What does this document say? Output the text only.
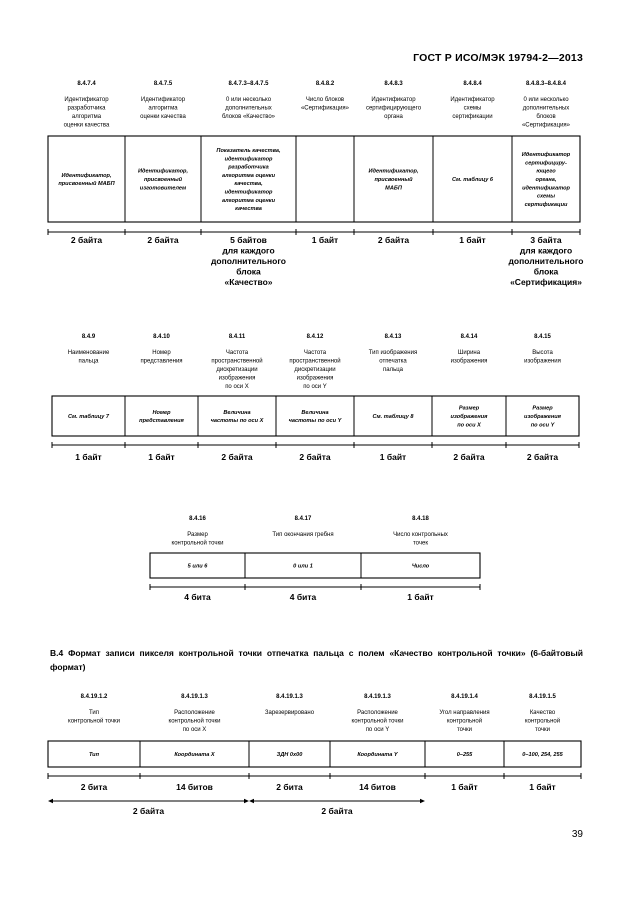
ГОСТ Р ИСО/МЭК 19794-2—2013
8.4.7.4
Идентификатор
разработчика
алгоритма
оценки качества
Идентификатор,
присвоенный МАБП
2 байта
8.4.7.5
Идентификатор
алгоритма
оценки качества
Идентификатор,
присвоенный
изготовителем
2 байта
8.4.7.3–8.4.7.5
0 или несколько
дополнительных
блоков «Качество»
Показатель качества,
идентификатор
разработчика
алгоритма оценки
качества,
идентификатор
алгоритма оценки
качества
5 байтов
для каждого
дополнительного
блока
«Качество»
8.4.8.2
Число блоков
«Сертификация»
1 байт
8.4.8.3
Идентификатор
сертифицирующего
органа
Идентификатор,
присвоенный
МАБП
2 байта
8.4.8.4
Идентификатор
схемы
сертификации
См. таблицу 6
1 байт
8.4.8.3–8.4.8.4
0 или несколько
дополнительных
блоков
«Сертификация»
Идентификатор
сертифициру-
ющего
органа,
идентификатор
схемы
сертификации
3 байта
для каждого
дополнительного
блока
«Сертификация»
8.4.9
Наименование
пальца
См. таблицу 7
1 байт
8.4.10
Номер
представления
Номер
представления
1 байт
8.4.11
Частота
пространственной
дискретизации
изображения
по оси X
Величина
частоты по оси X
2 байта
8.4.12
Частота
пространственной
дискретизации
изображения
по оси Y
Величина
частоты по оси Y
2 байта
8.4.13
Тип изображения
отпечатка
пальца
См. таблицу 8
1 байт
8.4.14
Ширина
изображения
Размер
изображения
по оси X
2 байта
8.4.15
Высота
изображения
Размер
изображения
по оси Y
2 байта
8.4.16
Размер
контрольной точки
5 или 6
4 бита
8.4.17
Тип окончания гребня
0 или 1
4 бита
8.4.18
Число контрольных
точек
Число
1 байт
В.4 Формат записи пикселя контрольной точки отпечатка пальца с полем «Качество контрольной точки» (6-байтовый формат)
8.4.19.1.2
Тип
контрольной точки
Тип
2 бита
8.4.19.1.3
Расположение
контрольной точки
по оси X
Координата X
14 битов
8.4.19.1.3
Зарезервировано
ЗДН 0x00
2 бита
8.4.19.1.3
Расположение
контрольной точки
по оси Y
Координата Y
14 битов
8.4.19.1.4
Угол направления
контрольной
точки
0–255
1 байт
8.4.19.1.5
Качество
контрольной
точки
0–100, 254, 255
1 байт
2 байта	2 байта
39
